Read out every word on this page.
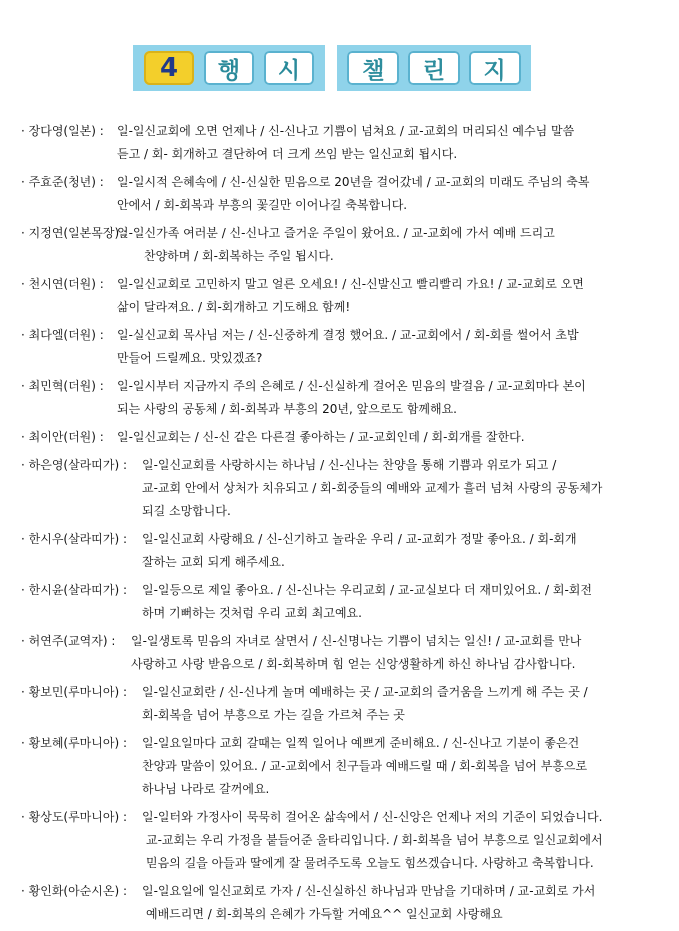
4	행	시	챌	린	지
· 장다영(일본) :	일-일신교회에 오면 언제나 / 신-신나고 기쁨이 넘쳐요 / 교-교회의 머리되신 예수님 말씀
듣고 / 회- 회개하고 결단하여 더 크게 쓰임 받는 일신교회 됩시다.
· 주효준(청년) :	일-일시적 은혜속에 / 신-신실한 믿음으로 20년을 걸어갔네 / 교-교회의 미래도 주님의 축복
안에서 / 회-회복과 부흥의 꽃길만 이어나길 축복합니다.
· 지정연(일본목장) :
일-일신가족 여러분 / 신-신나고 즐거운 주일이 왔어요. / 교-교회에 가서 예배 드리고
찬양하며 / 회-회복하는 주일 됩시다.
· 천시연(더원) :	일-일신교회로 고민하지 말고 얼른 오세요! / 신-신발신고 빨리빨리 가요! / 교-교회로 오면
삶이 달라져요. / 회-회개하고 기도해요 함께!
· 최다엘(더원) :	일-실신교회 목사님 저는 / 신-신중하게 결정 했어요. / 교-교회에서 / 회-회를 썰어서 초밥
만들어 드릴께요. 맛있겠죠?
· 최민혁(더원) :	일-일시부터 지금까지 주의 은혜로 / 신-신실하게 걸어온 믿음의 발걸음 / 교-교회마다 본이
되는 사랑의 공동체 / 회-회복과 부흥의 20년, 앞으로도 함께해요.
· 최이안(더원) :	일-일신교회는 / 신-신 같은 다른걸 좋아하는 / 교-교회인데 / 회-회개를 잘한다.
· 하은영(살라띠가) :	일-일신교회를 사랑하시는 하나님 / 신-신나는 찬양을 통해 기쁨과 위로가 되고 /
교-교회 안에서 상처가 치유되고 / 회-회중들의 예배와 교제가 흘러 넘쳐 사랑의 공동체가
되길 소망합니다.
· 한시우(살라띠가) :	일-일신교회 사랑해요 / 신-신기하고 놀라운 우리 / 교-교회가 정말 좋아요. / 회-회개
잘하는 교회 되게 해주세요.
· 한시윤(살라띠가) :	일-일등으로 제일 좋아요. / 신-신나는 우리교회 / 교-교실보다 더 재미있어요. / 회-회전
하며 기뻐하는 것처럼 우리 교회 최고예요.
· 허연주(교역자) :	일-일생토록 믿음의 자녀로 살면서 / 신-신명나는 기쁨이 넘치는 일신! / 교-교회를 만나
사랑하고 사랑 받음으로 / 회-회복하며 힘 얻는 신앙생활하게 하신 하나님 감사합니다.
· 황보민(루마니아) :	일-일신교회란 / 신-신나게 놀며 예배하는 곳 / 교-교회의 즐거움을 느끼게 해 주는 곳 /
회-회복을 넘어 부흥으로 가는 길을 가르쳐 주는 곳
· 황보혜(루마니아) :	일-일요일마다 교회 갈때는 일찍 일어나 예쁘게 준비해요. / 신-신나고 기분이 좋은건
찬양과 말씀이 있어요. / 교-교회에서 친구들과 예배드릴 때 / 회-회복을 넘어 부흥으로
하나님 나라로 갈꺼에요.
· 황상도(루마니아) :	일-일터와 가정사이 묵묵히 걸어온 삶속에서 / 신-신앙은 언제나 저의 기준이 되었습니다.
교-교회는 우리 가정을 붙들어준 울타리입니다. / 회-회복을 넘어 부흥으로 일신교회에서
믿음의 길을 아들과 딸에게 잘 물려주도록 오늘도 힘쓰겠습니다. 사랑하고 축복합니다.
· 황인화(아순시온) :	일-일요일에 일신교회로 가자 / 신-신실하신 하나님과 만남을 기대하며 / 교-교회로 가서
예배드리면 / 회-회복의 은혜가 가득할 거예요^^ 일신교회 사랑해요
